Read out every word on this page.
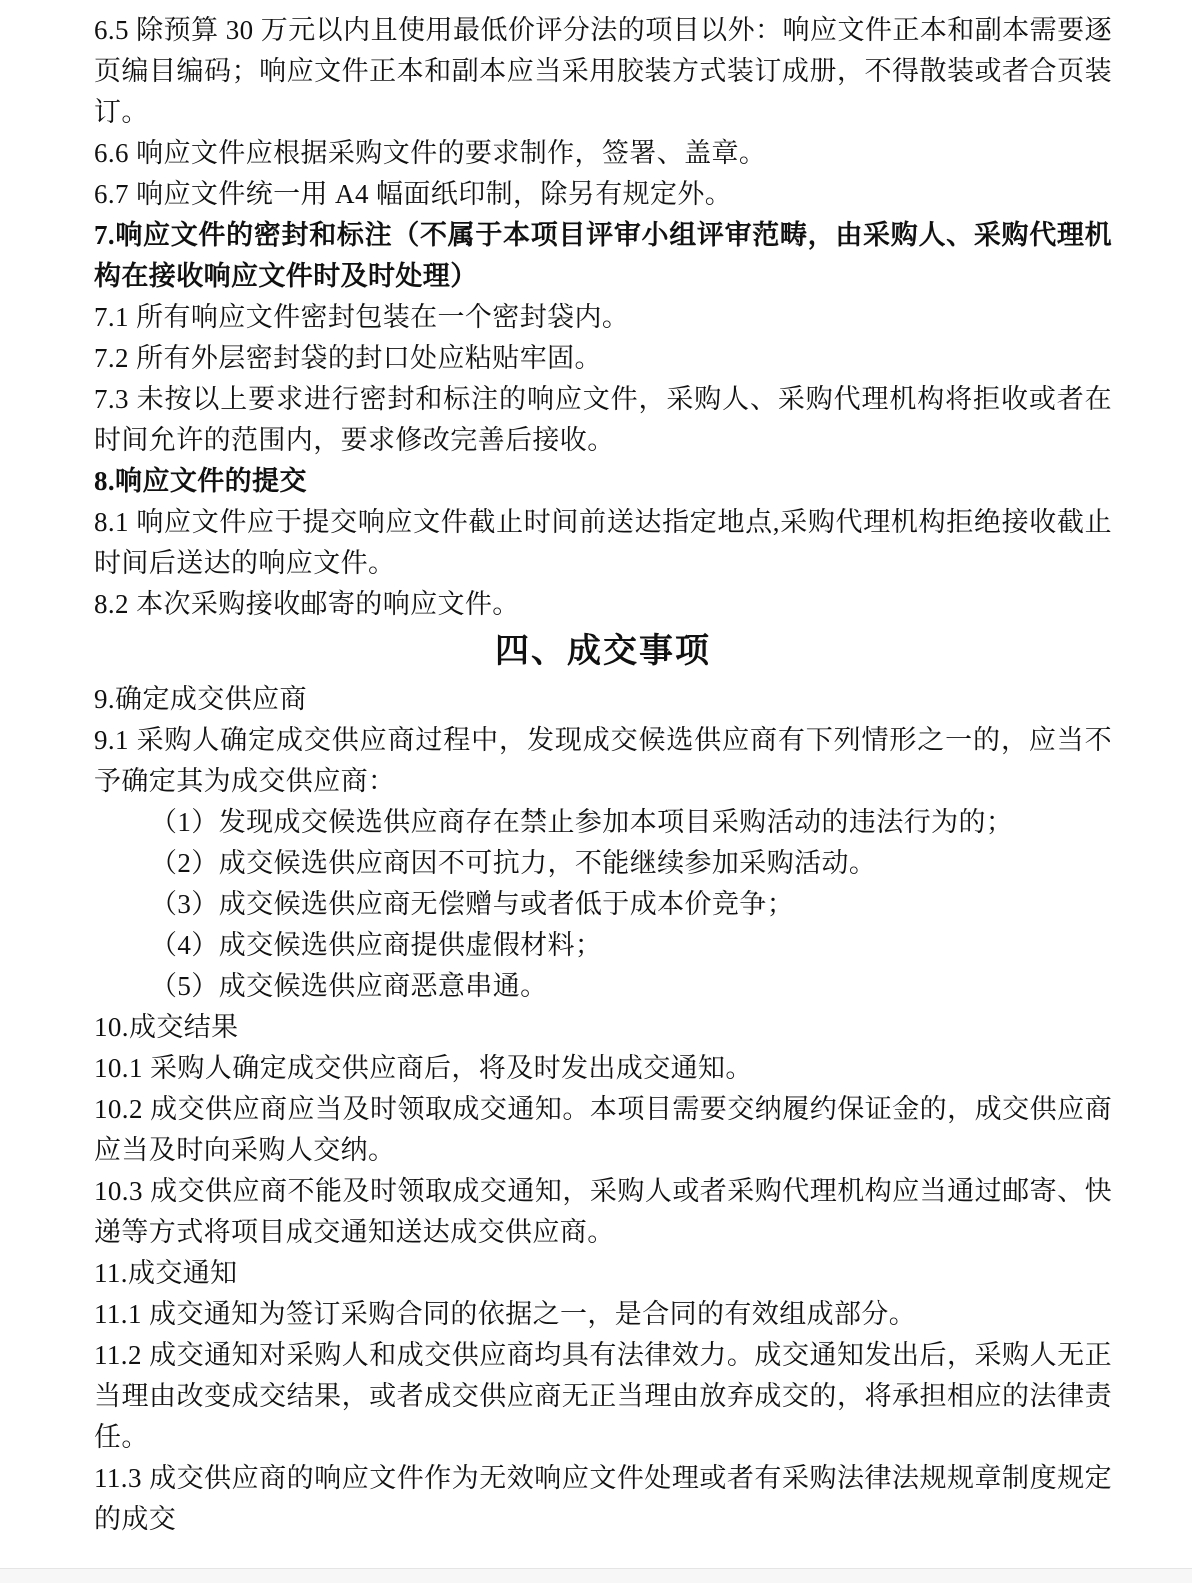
6.5 除预算 30 万元以内且使用最低价评分法的项目以外：响应文件正本和副本需要逐页编目编码；响应文件正本和副本应当采用胶装方式装订成册，不得散装或者合页装订。

6.6 响应文件应根据采购文件的要求制作，签署、盖章。

6.7 响应文件统一用 A4 幅面纸印制，除另有规定外。

7.响应文件的密封和标注（不属于本项目评审小组评审范畴，由采购人、采购代理机构在接收响应文件时及时处理）

7.1 所有响应文件密封包装在一个密封袋内。

7.2 所有外层密封袋的封口处应粘贴牢固。

7.3 未按以上要求进行密封和标注的响应文件，采购人、采购代理机构将拒收或者在时间允许的范围内，要求修改完善后接收。

8.响应文件的提交

8.1 响应文件应于提交响应文件截止时间前送达指定地点,采购代理机构拒绝接收截止时间后送达的响应文件。

8.2 本次采购接收邮寄的响应文件。

四、成交事项

9.确定成交供应商

9.1 采购人确定成交供应商过程中，发现成交候选供应商有下列情形之一的，应当不予确定其为成交供应商：

（1）发现成交候选供应商存在禁止参加本项目采购活动的违法行为的；

（2）成交候选供应商因不可抗力，不能继续参加采购活动。

（3）成交候选供应商无偿赠与或者低于成本价竞争；

（4）成交候选供应商提供虚假材料；

（5）成交候选供应商恶意串通。

10.成交结果

10.1 采购人确定成交供应商后，将及时发出成交通知。

10.2 成交供应商应当及时领取成交通知。本项目需要交纳履约保证金的，成交供应商应当及时向采购人交纳。

10.3 成交供应商不能及时领取成交通知，采购人或者采购代理机构应当通过邮寄、快递等方式将项目成交通知送达成交供应商。

11.成交通知

11.1 成交通知为签订采购合同的依据之一，是合同的有效组成部分。

11.2 成交通知对采购人和成交供应商均具有法律效力。成交通知发出后，采购人无正当理由改变成交结果，或者成交供应商无正当理由放弃成交的，将承担相应的法律责任。

11.3 成交供应商的响应文件作为无效响应文件处理或者有采购法律法规规章制度规定的成交
